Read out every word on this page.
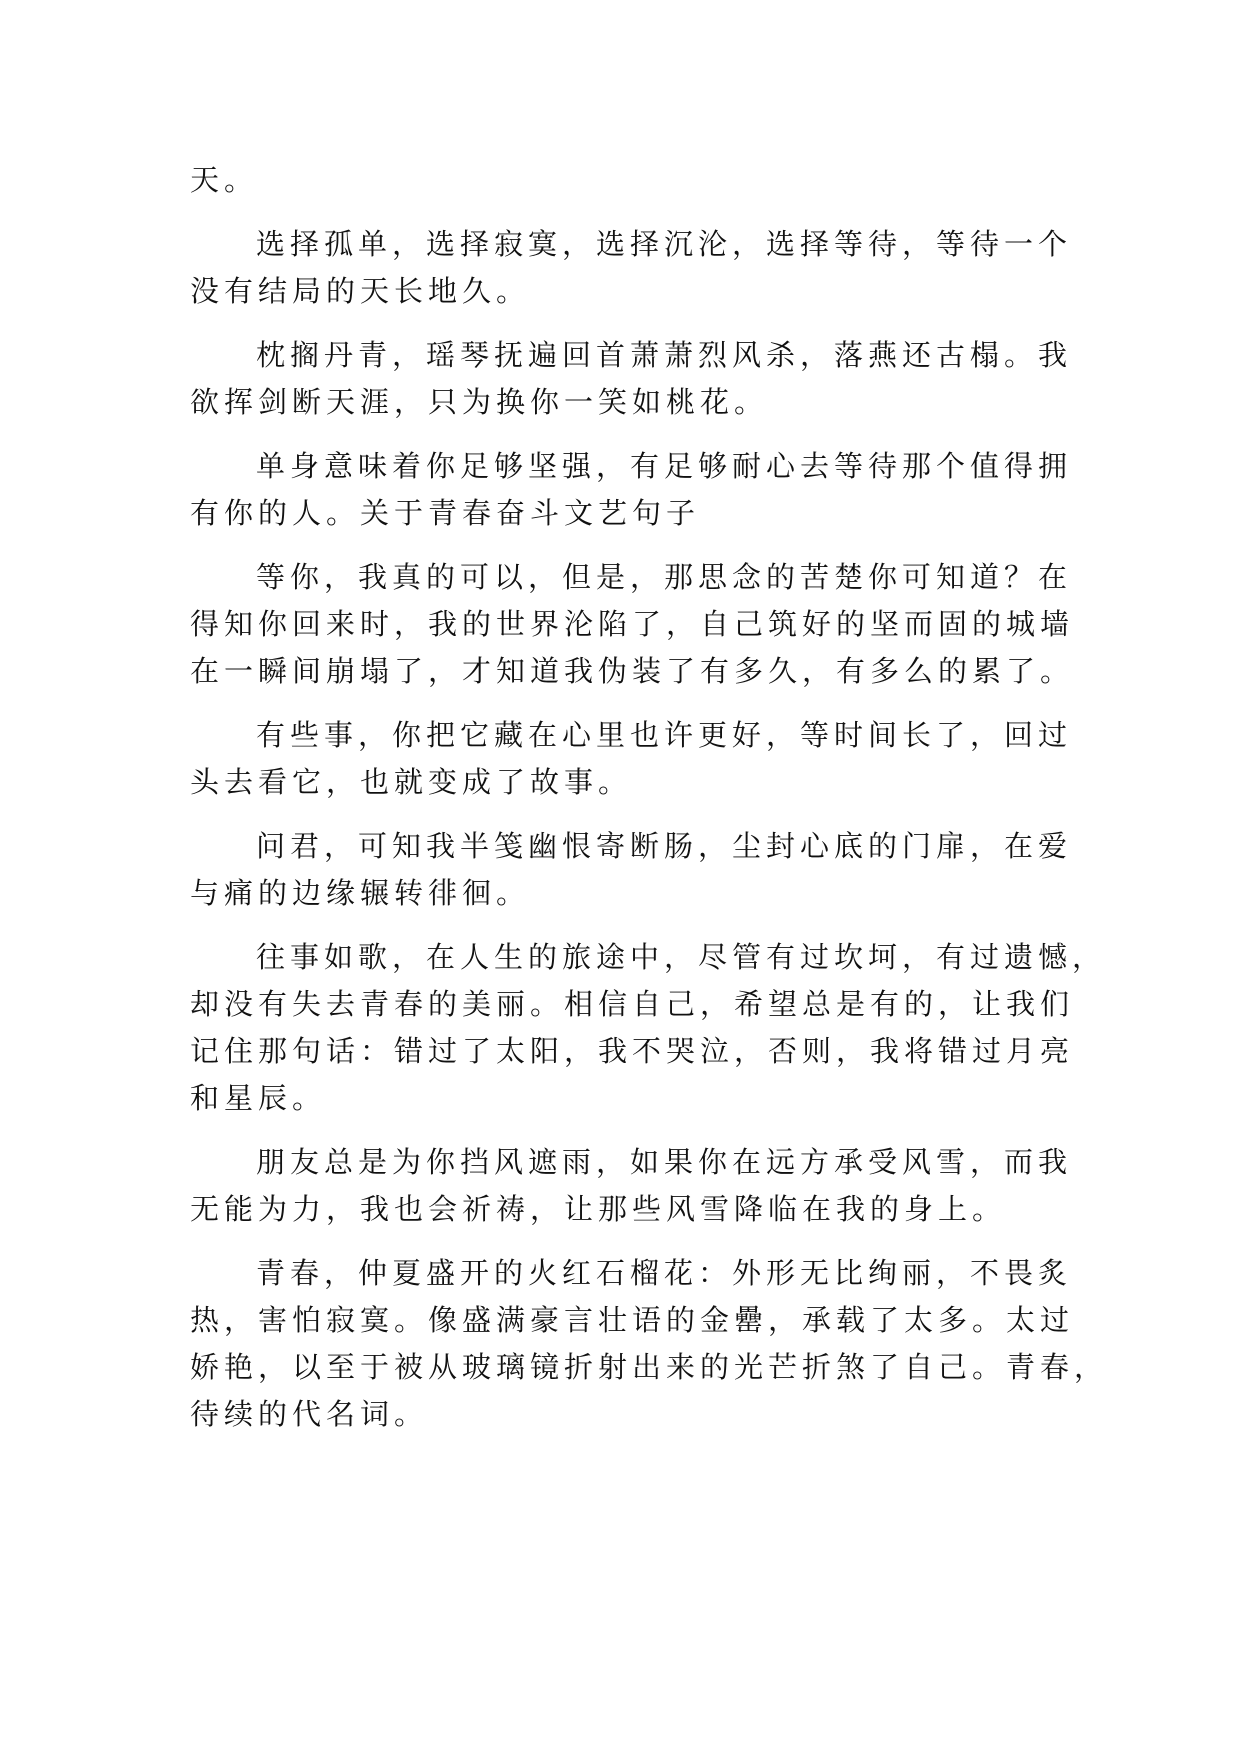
天。
选择孤单，选择寂寞，选择沉沦，选择等待，等待一个
没有结局的天长地久。
枕搁丹青，瑶琴抚遍回首萧萧烈风杀，落燕还古榻。我
欲挥剑断天涯，只为换你一笑如桃花。
单身意味着你足够坚强，有足够耐心去等待那个值得拥
有你的人。关于青春奋斗文艺句子
等你，我真的可以，但是，那思念的苦楚你可知道？在
得知你回来时，我的世界沦陷了，自己筑好的坚而固的城墙
在一瞬间崩塌了，才知道我伪装了有多久，有多么的累了。
有些事，你把它藏在心里也许更好，等时间长了，回过
头去看它，也就变成了故事。
问君，可知我半笺幽恨寄断肠，尘封心底的门扉，在爱
与痛的边缘辗转徘徊。
往事如歌，在人生的旅途中，尽管有过坎坷，有过遗憾，
却没有失去青春的美丽。相信自己，希望总是有的，让我们
记住那句话：错过了太阳，我不哭泣，否则，我将错过月亮
和星辰。
朋友总是为你挡风遮雨，如果你在远方承受风雪，而我
无能为力，我也会祈祷，让那些风雪降临在我的身上。
青春，仲夏盛开的火红石榴花：外形无比绚丽，不畏炙
热，害怕寂寞。像盛满豪言壮语的金罍，承载了太多。太过
娇艳，以至于被从玻璃镜折射出来的光芒折煞了自己。青春，
待续的代名词。
